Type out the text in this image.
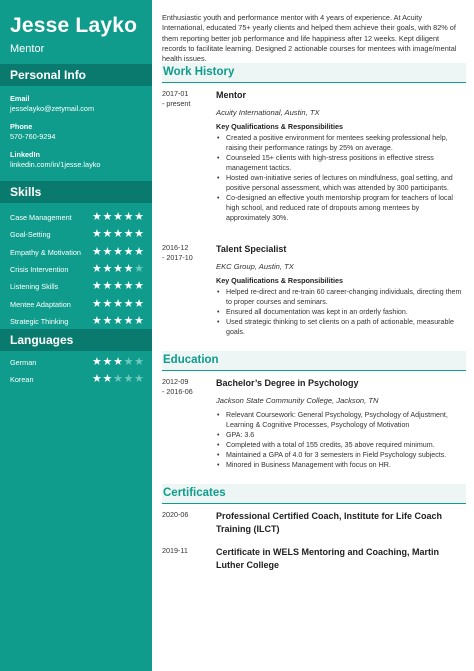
Jesse Layko
Mentor
Personal Info
Email
jesselayko@zetymail.com
Phone
570-760-9294
LinkedIn
linkedin.com/in/1jesse.layko
Skills
Case Management ★ ★ ★ ★ ★
Goal-Setting	★ ★ ★ ★ ★
Empathy & Motivation ★ ★ ★ ★ ★
Crisis Intervention ★ ★ ★ ★ ★
Listening Skills	★ ★ ★ ★ ★
Mentee Adaptation ★ ★ ★ ★ ★
Strategic Thinking ★ ★ ★ ★ ★
Languages
German	★ ★ ★ ★ ★
Korean	★ ★ ★ ★ ★
Enthusiastic youth and performance mentor with 4 years of experience. At Acuity International, educated 75+ yearly clients and helped them achieve their goals, with 82% of them reporting better job performance and life happiness after 12 weeks. Kept diligent records to facilitate learning. Designed 2 actionable courses for mentees with image/mental health issues.
Work History
2017-01
- present
Mentor
Acuity International, Austin, TX
Key Qualifications & Responsibilities
• Created a positive environment for mentees seeking professional help, raising their performance ratings by 25% on average.
• Counseled 15+ clients with high-stress positions in effective stress management tactics.
• Hosted own-initiative series of lectures on mindfulness, goal setting, and positive personal assessment, which was attended by 300 participants.
• Co-designed an effective youth mentorship program for teachers of local high school, and reduced rate of dropouts among mentees by approximately 30%.
2016-12
- 2017-10
Talent Specialist
EKC Group, Austin, TX
Key Qualifications & Responsibilities
• Helped re-direct and re-train 60 career-changing individuals, directing them to proper courses and seminars.
• Ensured all documentation was kept in an orderly fashion.
• Used strategic thinking to set clients on a path of actionable, measurable goals.
Education
2012-09
- 2016-06
Bachelor’s Degree in Psychology
Jackson State Community College, Jackson, TN
• Relevant Coursework: General Psychology, Psychology of Adjustment, Learning & Cognitive Processes, Psychology of Motivation
• GPA: 3.6
• Completed with a total of 155 credits, 35 above required minimum.
• Maintained a GPA of 4.0 for 3 semesters in Field Psychology subjects.
• Minored in Business Management with focus on HR.
Certificates
2020-06	Professional Certified Coach, Institute for Life Coach Training (ILCT)
2019-11	Certificate in WELS Mentoring and Coaching, Martin Luther College
